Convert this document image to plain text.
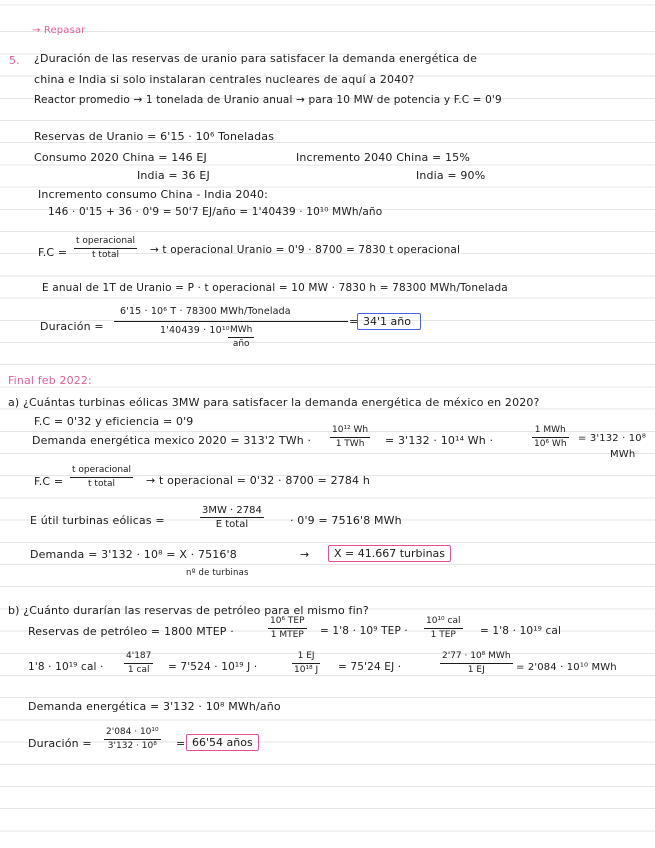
→ Repasar
5. ¿Duración de las reservas de uranio para satisfacer la demanda energética de
china e India si solo instalaran centrales nucleares de aquí a 2040?
Reactor promedio → 1 tonelada de Uranio anual → para 10 MW de potencia y F.C = 0'9
Reservas de Uranio = 6'15 · 10⁶ Toneladas
Consumo 2020 China = 146 EJ	Incremento 2040 China = 15%
India = 36 EJ	India = 90%
Incremento consumo China - India 2040:
146 · 0'15 + 36 · 0'9 = 50'7 EJ/año = 1'40439 · 10¹⁰ MWh/año
F.C =
t operacional
t total	→ t operacional Uranio = 0'9 · 8700 = 7830 t operacional
E anual de 1T de Uranio = P · t operacional = 10 MW · 7830 h = 78300 MWh/Tonelada
Duración =
6'15 · 10⁶ T · 78300 MWh/Tonelada
1'40439 · 10¹⁰ MWh
año
= 34'1 año
Final feb 2022:
a) ¿Cuántas turbinas eólicas 3MW para satisfacer la demanda energética de méxico en 2020?
F.C = 0'32 y eficiencia = 0'9
Demanda energética mexico 2020 = 313'2 TWh ·
10¹² Wh
1 TWh = 3'132 · 10¹⁴ Wh ·
1 MWh
10⁶ Wh = 3'132 · 10⁸
MWh
F.C =
t operacional
t total	→ t operacional = 0'32 · 8700 = 2784 h
E útil turbinas eólicas =
3MW · 2784
E total	· 0'9 = 7516'8 MWh
Demanda = 3'132 · 10⁸ = X · 7516'8
nº de turbinas
→	X = 41.667 turbinas
b) ¿Cuánto durarían las reservas de petróleo para el mismo fin?
Reservas de petróleo = 1800 MTEP ·
10⁶ TEP
1 MTEP = 1'8 · 10⁹ TEP ·
10¹⁰ cal
1 TEP = 1'8 · 10¹⁹ cal
1'8 · 10¹⁹ cal ·
4'187
1 cal = 7'524 · 10¹⁹ J ·
1 EJ
10¹⁸ J = 75'24 EJ ·
2'77 · 10⁸ MWh
1 EJ	= 2'084 · 10¹⁰ MWh
Demanda energética = 3'132 · 10⁸ MWh/año
Duración =
2'084 · 10¹⁰
3'132 · 10⁸ = 66'54 años
